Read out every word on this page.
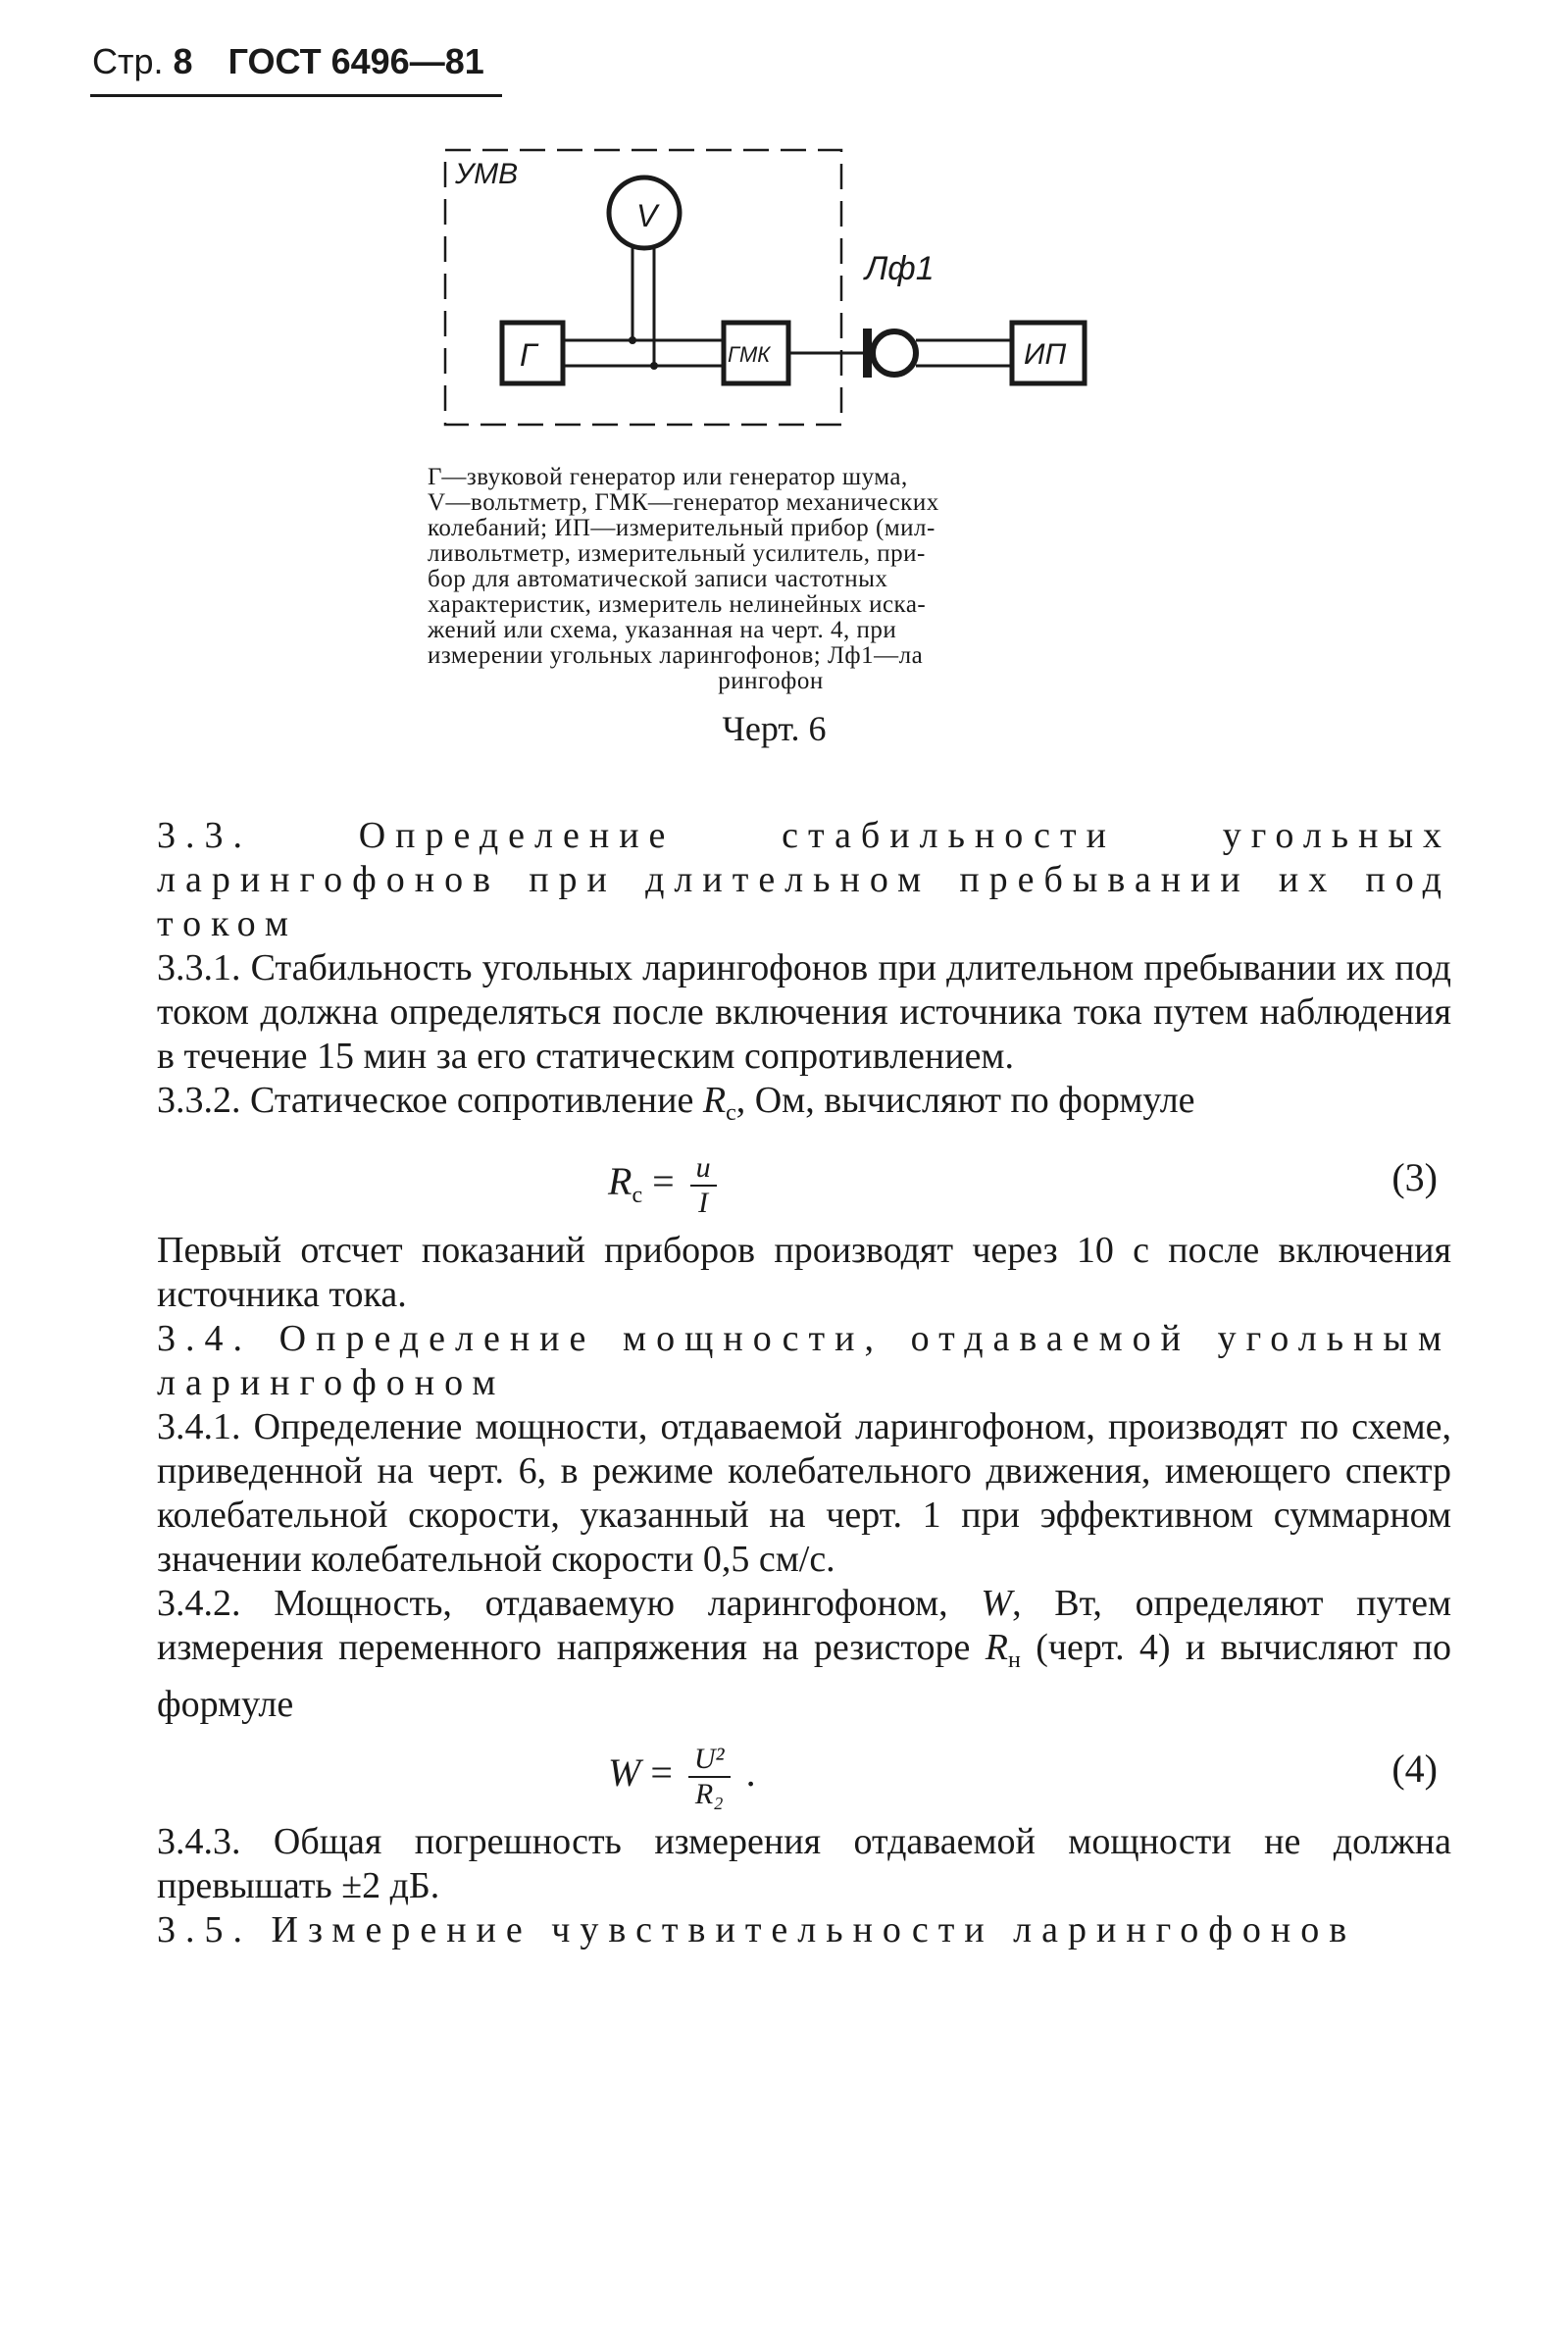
Стр. 8 ГОСТ 6496—81
УМВ
V
Г	ГМК
Лф1
ИП
Г—звуковой генератор или генератор шума,
V—вольтметр, ГМК—генератор механических
колебаний; ИП—измерительный прибор (мил-
ливольтметр, измерительный усилитель, при-
бор для автоматической записи частотных
характеристик, измеритель нелинейных иска-
жений или схема, указанная на черт. 4, при
измерении угольных ларингофонов; Лф1—ла
рингофон
Черт. 6

3.3. Определение стабильности угольных ларингофонов при длительном пребывании их под током

3.3.1. Стабильность угольных ларингофонов при длительном пребывании их под током должна определяться после включения источника тока путем наблюдения в течение 15 мин за его статическим сопротивлением.

3.3.2. Статическое сопротивление $R_с$, Ом, вычисляют по формуле

$R_с = \frac{u}{I}$	(3)

Первый отсчет показаний приборов производят через 10 с после включения источника тока.

3.4. Определение мощности, отдаваемой угольным ларингофоном

3.4.1. Определение мощности, отдаваемой ларингофоном, производят по схеме, приведенной на черт. 6, в режиме колебательного движения, имеющего спектр колебательной скорости, указанный на черт. 1 при эффективном суммарном значении колебательной скорости 0,5 см/с.

3.4.2. Мощность, отдаваемую ларингофоном, W, Вт, определяют путем измерения переменного напряжения на резисторе $R_н$ (черт. 4) и вычисляют по формуле

$W = \frac{\text{U²}}{\text{R₂}}$ .	(4)

3.4.3. Общая погрешность измерения отдаваемой мощности не должна превышать ±2 дБ.

3.5. Измерение чувствительности ларингофонов
